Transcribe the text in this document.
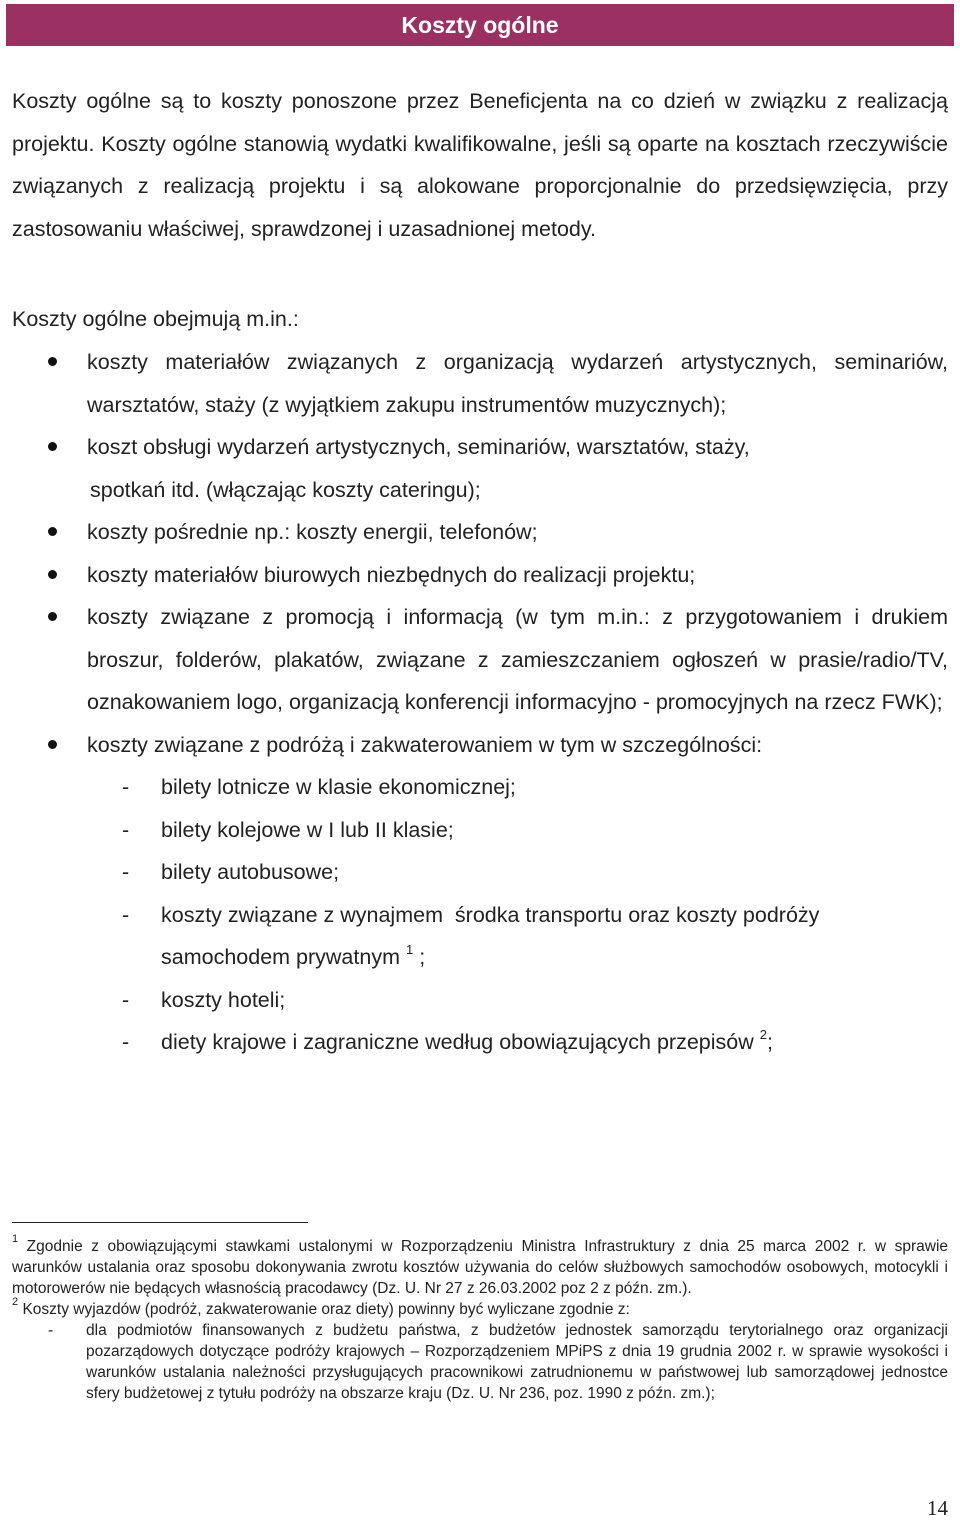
Koszty ogólne
Koszty ogólne są to koszty ponoszone przez Beneficjenta na co dzień w związku z realizacją projektu. Koszty ogólne stanowią wydatki kwalifikowalne, jeśli są oparte na kosztach rzeczywiście związanych z realizacją projektu i są alokowane proporcjonalnie do przedsięwzięcia, przy zastosowaniu właściwej, sprawdzonej i uzasadnionej metody.
Koszty ogólne obejmują m.in.:
koszty materiałów związanych z organizacją wydarzeń artystycznych, seminariów, warsztatów, staży (z wyjątkiem zakupu instrumentów muzycznych);
koszt obsługi wydarzeń artystycznych, seminariów, warsztatów, staży,
spotkań itd. (włączając koszty cateringu);
koszty pośrednie np.: koszty energii, telefonów;
koszty materiałów biurowych niezbędnych do realizacji projektu;
koszty związane z promocją i informacją (w tym m.in.: z przygotowaniem i drukiem broszur, folderów, plakatów, związane z zamieszczaniem ogłoszeń w prasie/radio/TV, oznakowaniem logo, organizacją konferencji informacyjno - promocyjnych na rzecz FWK);
koszty związane z podróżą i zakwaterowaniem w tym w szczególności:
- bilety lotnicze w klasie ekonomicznej;
- bilety kolejowe w I lub II klasie;
- bilety autobusowe;
- koszty związane z wynajmem  środka transportu oraz koszty podróży
samochodem prywatnym $^1$ ;
- koszty hoteli;
- diety krajowe i zagraniczne według obowiązujących przepisów $^2$;
$^1$ Zgodnie z obowiązującymi stawkami ustalonymi w Rozporządzeniu Ministra Infrastruktury z dnia 25 marca 2002 r. w sprawie warunków ustalania oraz sposobu dokonywania zwrotu kosztów używania do celów służbowych samochodów osobowych, motocykli i motorowerów nie będących własnością pracodawcy (Dz. U. Nr 27 z 26.03.2002 poz 2 z późn. zm.).
$^2$ Koszty wyjazdów (podróż, zakwaterowanie oraz diety) powinny być wyliczane zgodnie z:
- dla podmiotów finansowanych z budżetu państwa, z budżetów jednostek samorządu terytorialnego oraz organizacji pozarządowych dotyczące podróży krajowych – Rozporządzeniem MPiPS z dnia 19 grudnia 2002 r. w sprawie wysokości i warunków ustalania należności przysługujących pracownikowi zatrudnionemu w państwowej lub samorządowej jednostce sfery budżetowej z tytułu podróży na obszarze kraju (Dz. U. Nr 236, poz. 1990 z późn. zm.);
14
